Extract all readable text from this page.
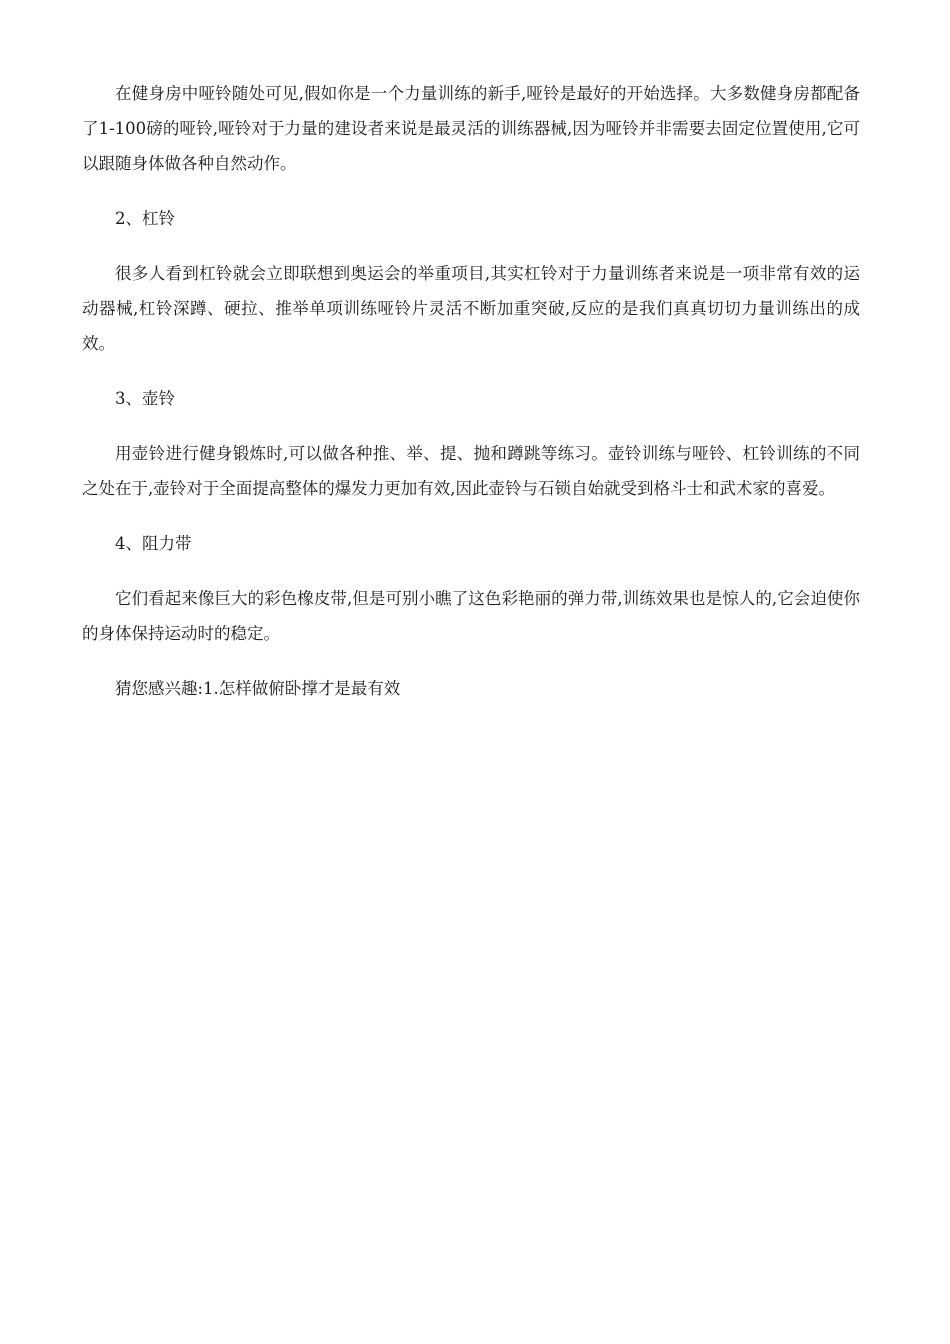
在健身房中哑铃随处可见,假如你是一个力量训练的新手,哑铃是最好的开始选择。大多数健身房都配备了1-100磅的哑铃,哑铃对于力量的建设者来说是最灵活的训练器械,因为哑铃并非需要去固定位置使用,它可以跟随身体做各种自然动作。

2、杠铃

很多人看到杠铃就会立即联想到奥运会的举重项目,其实杠铃对于力量训练者来说是一项非常有效的运动器械,杠铃深蹲、硬拉、推举单项训练哑铃片灵活不断加重突破,反应的是我们真真切切力量训练出的成效。

3、壶铃

用壶铃进行健身锻炼时,可以做各种推、举、提、抛和蹲跳等练习。壶铃训练与哑铃、杠铃训练的不同之处在于,壶铃对于全面提高整体的爆发力更加有效,因此壶铃与石锁自始就受到格斗士和武术家的喜爱。

4、阻力带

它们看起来像巨大的彩色橡皮带,但是可别小瞧了这色彩艳丽的弹力带,训练效果也是惊人的,它会迫使你的身体保持运动时的稳定。

猜您感兴趣:1.怎样做俯卧撑才是最有效
